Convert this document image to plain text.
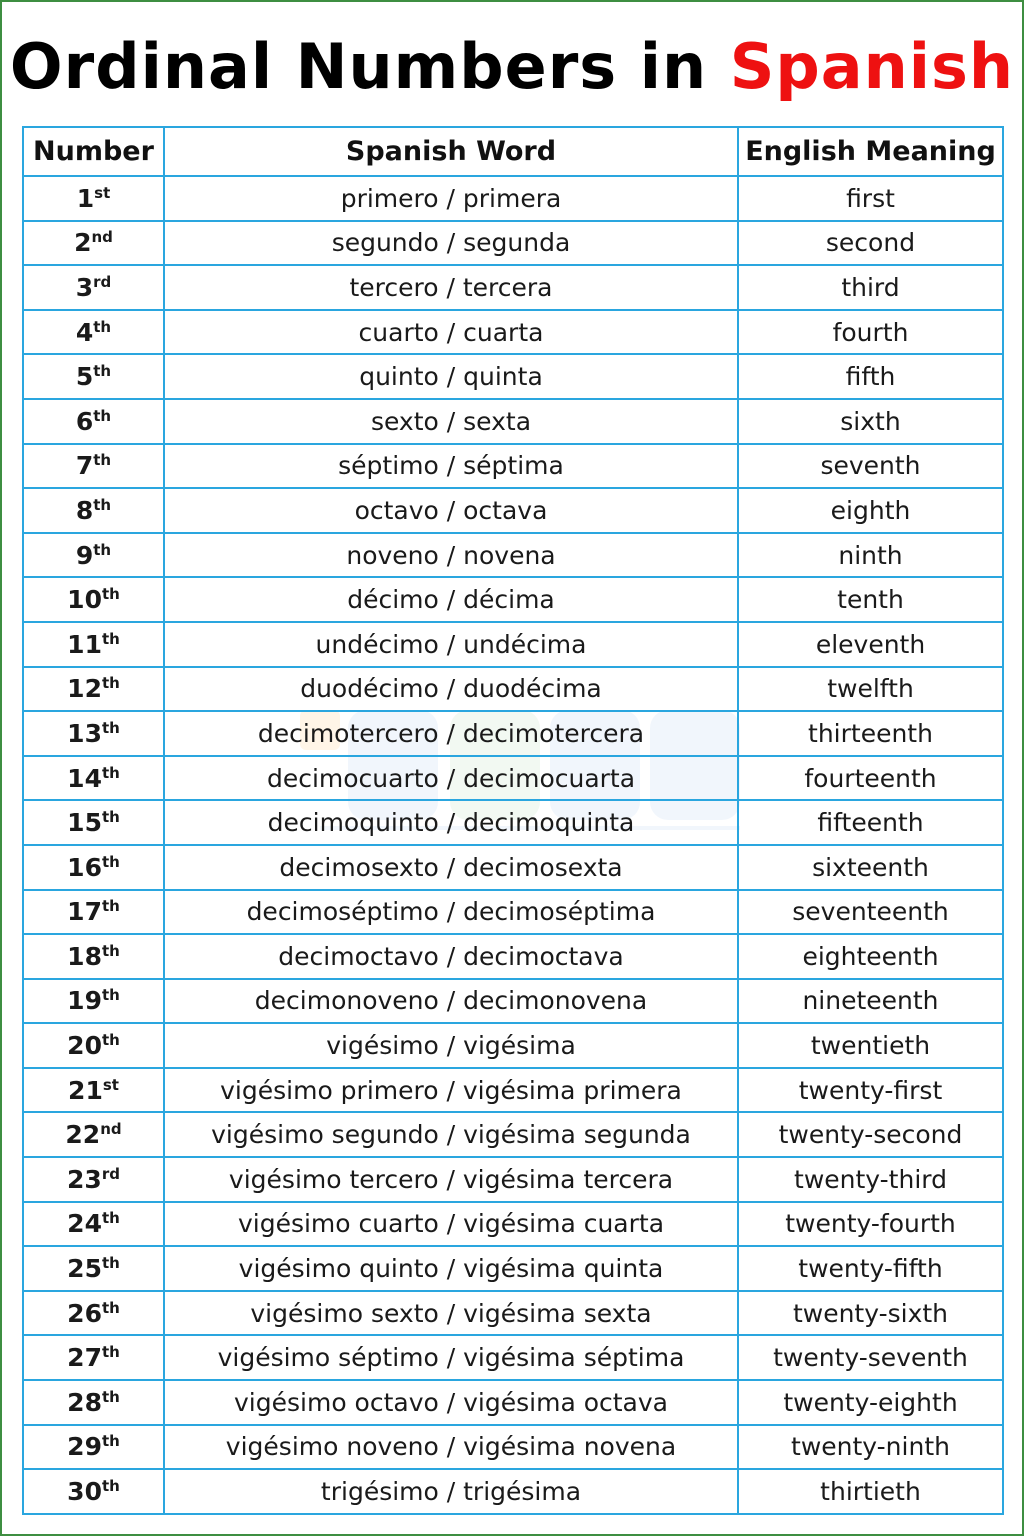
Ordinal Numbers in Spanish
Number	Spanish Word	English Meaning
1st	primero / primera	first
2nd	segundo / segunda	second
3rd	tercero / tercera	third
4th	cuarto / cuarta	fourth
5th	quinto / quinta	fifth
6th	sexto / sexta	sixth
7th	séptimo / séptima	seventh
8th	octavo / octava	eighth
9th	noveno / novena	ninth
10th	décimo / décima	tenth
11th	undécimo / undécima	eleventh
12th	duodécimo / duodécima	twelfth
13th	decimotercero / decimotercera	thirteenth
14th	decimocuarto / decimocuarta	fourteenth
15th	decimoquinto / decimoquinta	fifteenth
16th	decimosexto / decimosexta	sixteenth
17th	decimoséptimo / decimoséptima	seventeenth
18th	decimoctavo / decimoctava	eighteenth
19th	decimonoveno / decimonovena	nineteenth
20th	vigésimo / vigésima	twentieth
21st	vigésimo primero / vigésima primera	twenty-first
22nd	vigésimo segundo / vigésima segunda	twenty-second
23rd	vigésimo tercero / vigésima tercera	twenty-third
24th	vigésimo cuarto / vigésima cuarta	twenty-fourth
25th	vigésimo quinto / vigésima quinta	twenty-fifth
26th	vigésimo sexto / vigésima sexta	twenty-sixth
27th	vigésimo séptimo / vigésima séptima	twenty-seventh
28th	vigésimo octavo / vigésima octava	twenty-eighth
29th	vigésimo noveno / vigésima novena	twenty-ninth
30th	trigésimo / trigésima	thirtieth
